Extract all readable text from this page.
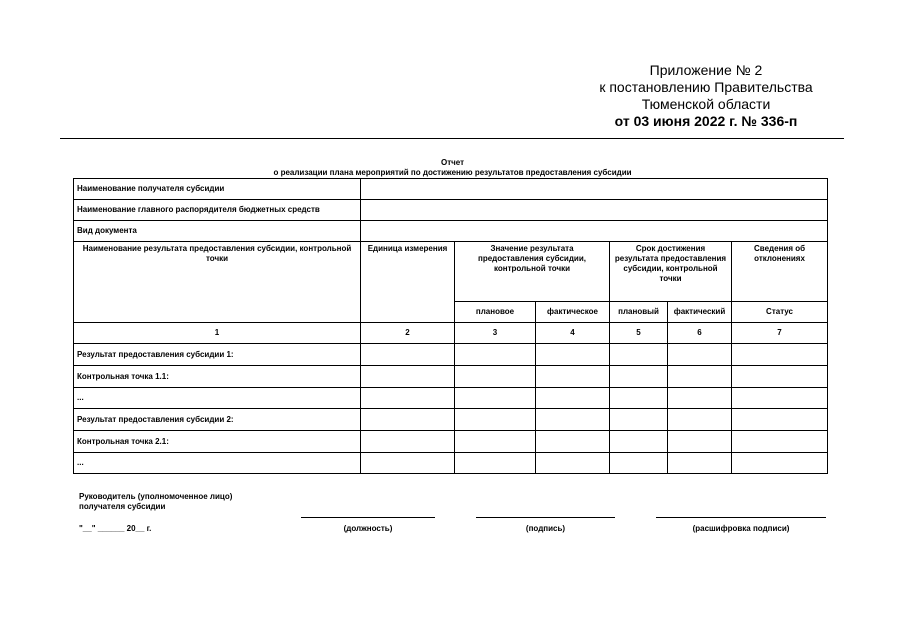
Приложение № 2
к постановлению Правительства
Тюменской области
от 03 июня 2022 г. № 336-п
Отчет
о реализации плана мероприятий по достижению результатов предоставления субсидии
Наименование получателя субсидии						
Наименование главного распорядителя бюджетных средств						
Вид документа						
Наименование результата предоставления субсидии, контрольной точки	Единица измерения	Значение результата предоставления субсидии, контрольной точки		Срок достижения результата предоставления субсидии, контрольной точки		Сведения об отклонениях
		плановое	фактическое	плановый	фактический	Статус
1	2	3	4	5	6	7
Результат предоставления субсидии 1:						
Контрольная точка 1.1:						
...						
Результат предоставления субсидии 2:						
Контрольная точка 2.1:						
...						
Руководитель (уполномоченное лицо)
получателя субсидии
"__" ______ 20__ г.	(должность)	(подпись)	(расшифровка подписи)
